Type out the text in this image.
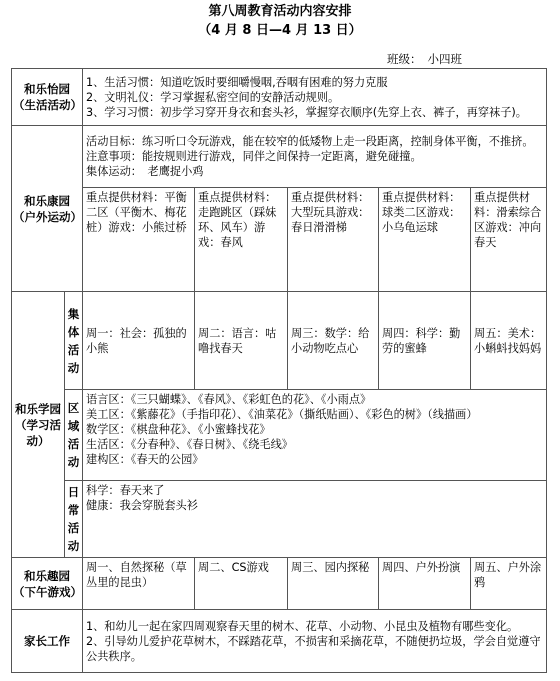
第八周教育活动内容安排
（4 月 8 日—4 月 13 日）
班级： 小四班
和乐怡园（生活活动）		1、生活习惯：知道吃饭时要细嚼慢咽,吞咽有困难的努力克服
2、文明礼仪：学习掌握私密空间的安静活动规则。
3、学习习惯：初步学习穿开身衣和套头衫，掌握穿衣顺序(先穿上衣、裤子，再穿袜子)。				

和乐康园（户外运动）		活动目标：练习听口令玩游戏，能在较窄的低矮物上走一段距离，控制身体平衡，不推挤。
注意事项：能按规则进行游戏，同伴之间保持一定距离，避免碰撞。
集体运动：　老鹰捉小鸡				

		重点提供材料：平衡二区（平衡木、梅花桩）游戏：小熊过桥	重点提供材料：走跑跳区（踩妹环、风车）游戏：春风	重点提供材料：大型玩具游戏：春日滑滑梯	重点提供材料：球类二区游戏：小乌龟运球	重点提供材料：滑索综合区游戏：冲向春天
和乐学园（学习活动）	集体活动	周一：社会：孤独的小熊	周二：语言：咕噜找春天	周三：数学：给小动物吃点心	周四：科学：勤劳的蜜蜂	周五：美术：小蝌蚪找妈妈
	区域活动	语言区：《三只蝴蝶》、《春风》、《彩虹色的花》、《小雨点》
美工区：《紫藤花》（手指印花）、《油菜花》（撕纸贴画）、《彩色的树》（线描画）
数学区：《棋盘种花》、《小蜜蜂找花》
生活区：《分春种》、《春日树》、《绕毛线》
建构区：《春天的公园》				

	日常活动	科学：春天来了
健康：我会穿脱套头衫				

和乐趣园（下午游戏）		周一、自然探秘（草丛里的昆虫）	周二、CS游戏	周三、园内探秘	周四、户外扮演	周五、户外涂鸦
家长工作		1、和幼儿一起在家四周观察春天里的树木、花草、小动物、小昆虫及植物有哪些变化。
2、引导幼儿爱护花草树木，不踩踏花草，不损害和采摘花草，不随便扔垃圾，学会自觉遵守公共秩序。				
